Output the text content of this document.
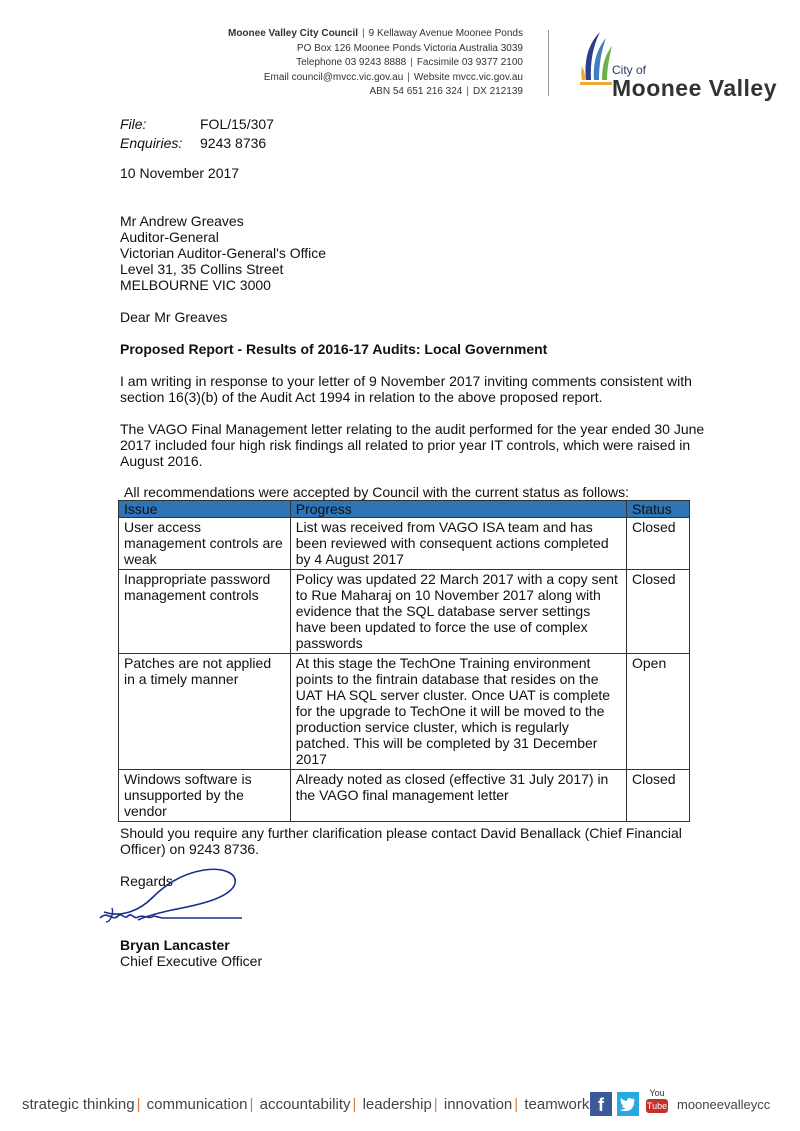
Moonee Valley City Council | 9 Kellaway Avenue Moonee Ponds
PO Box 126 Moonee Ponds Victoria Australia 3039
Telephone 03 9243 8888 | Facsimile 03 9377 2100
Email council@mvcc.vic.gov.au | Website mvcc.vic.gov.au
ABN 54 651 216 324 | DX 212139
City of
Moonee Valley
File:	FOL/15/307
Enquiries: 9243 8736
10 November 2017
Mr Andrew Greaves
Auditor-General
Victorian Auditor-General's Office
Level 31, 35 Collins Street
MELBOURNE VIC 3000
Dear Mr Greaves
Proposed Report - Results of 2016-17 Audits: Local Government
I am writing in response to your letter of 9 November 2017 inviting comments consistent with section 16(3)(b) of the Audit Act 1994 in relation to the above proposed report.
The VAGO Final Management letter relating to the audit performed for the year ended 30 June 2017 included four high risk findings all related to prior year IT controls, which were raised in August 2016.
All recommendations were accepted by Council with the current status as follows:
Issue	Progress	Status
User access management controls are weak	List was received from VAGO ISA team and has been reviewed with consequent actions completed by 4 August 2017	Closed
Inappropriate password management controls	Policy was updated 22 March 2017 with a copy sent to Rue Maharaj on 10 November 2017 along with evidence that the SQL database server settings have been updated to force the use of complex passwords	Closed
Patches are not applied in a timely manner	At this stage the TechOne Training environment points to the fintrain database that resides on the UAT HA SQL server cluster. Once UAT is complete for the upgrade to TechOne it will be moved to the production service cluster, which is regularly patched. This will be completed by 31 December 2017	Open
Windows software is unsupported by the vendor	Already noted as closed (effective 31 July 2017) in the VAGO final management letter	Closed
Should you require any further clarification please contact David Benallack (Chief Financial Officer) on 9243 8736.
Regards
Bryan Lancaster
Chief Executive Officer
strategic thinking | communication | accountability | leadership | innovation | teamwork f
You
Tube mooneevalleycc
